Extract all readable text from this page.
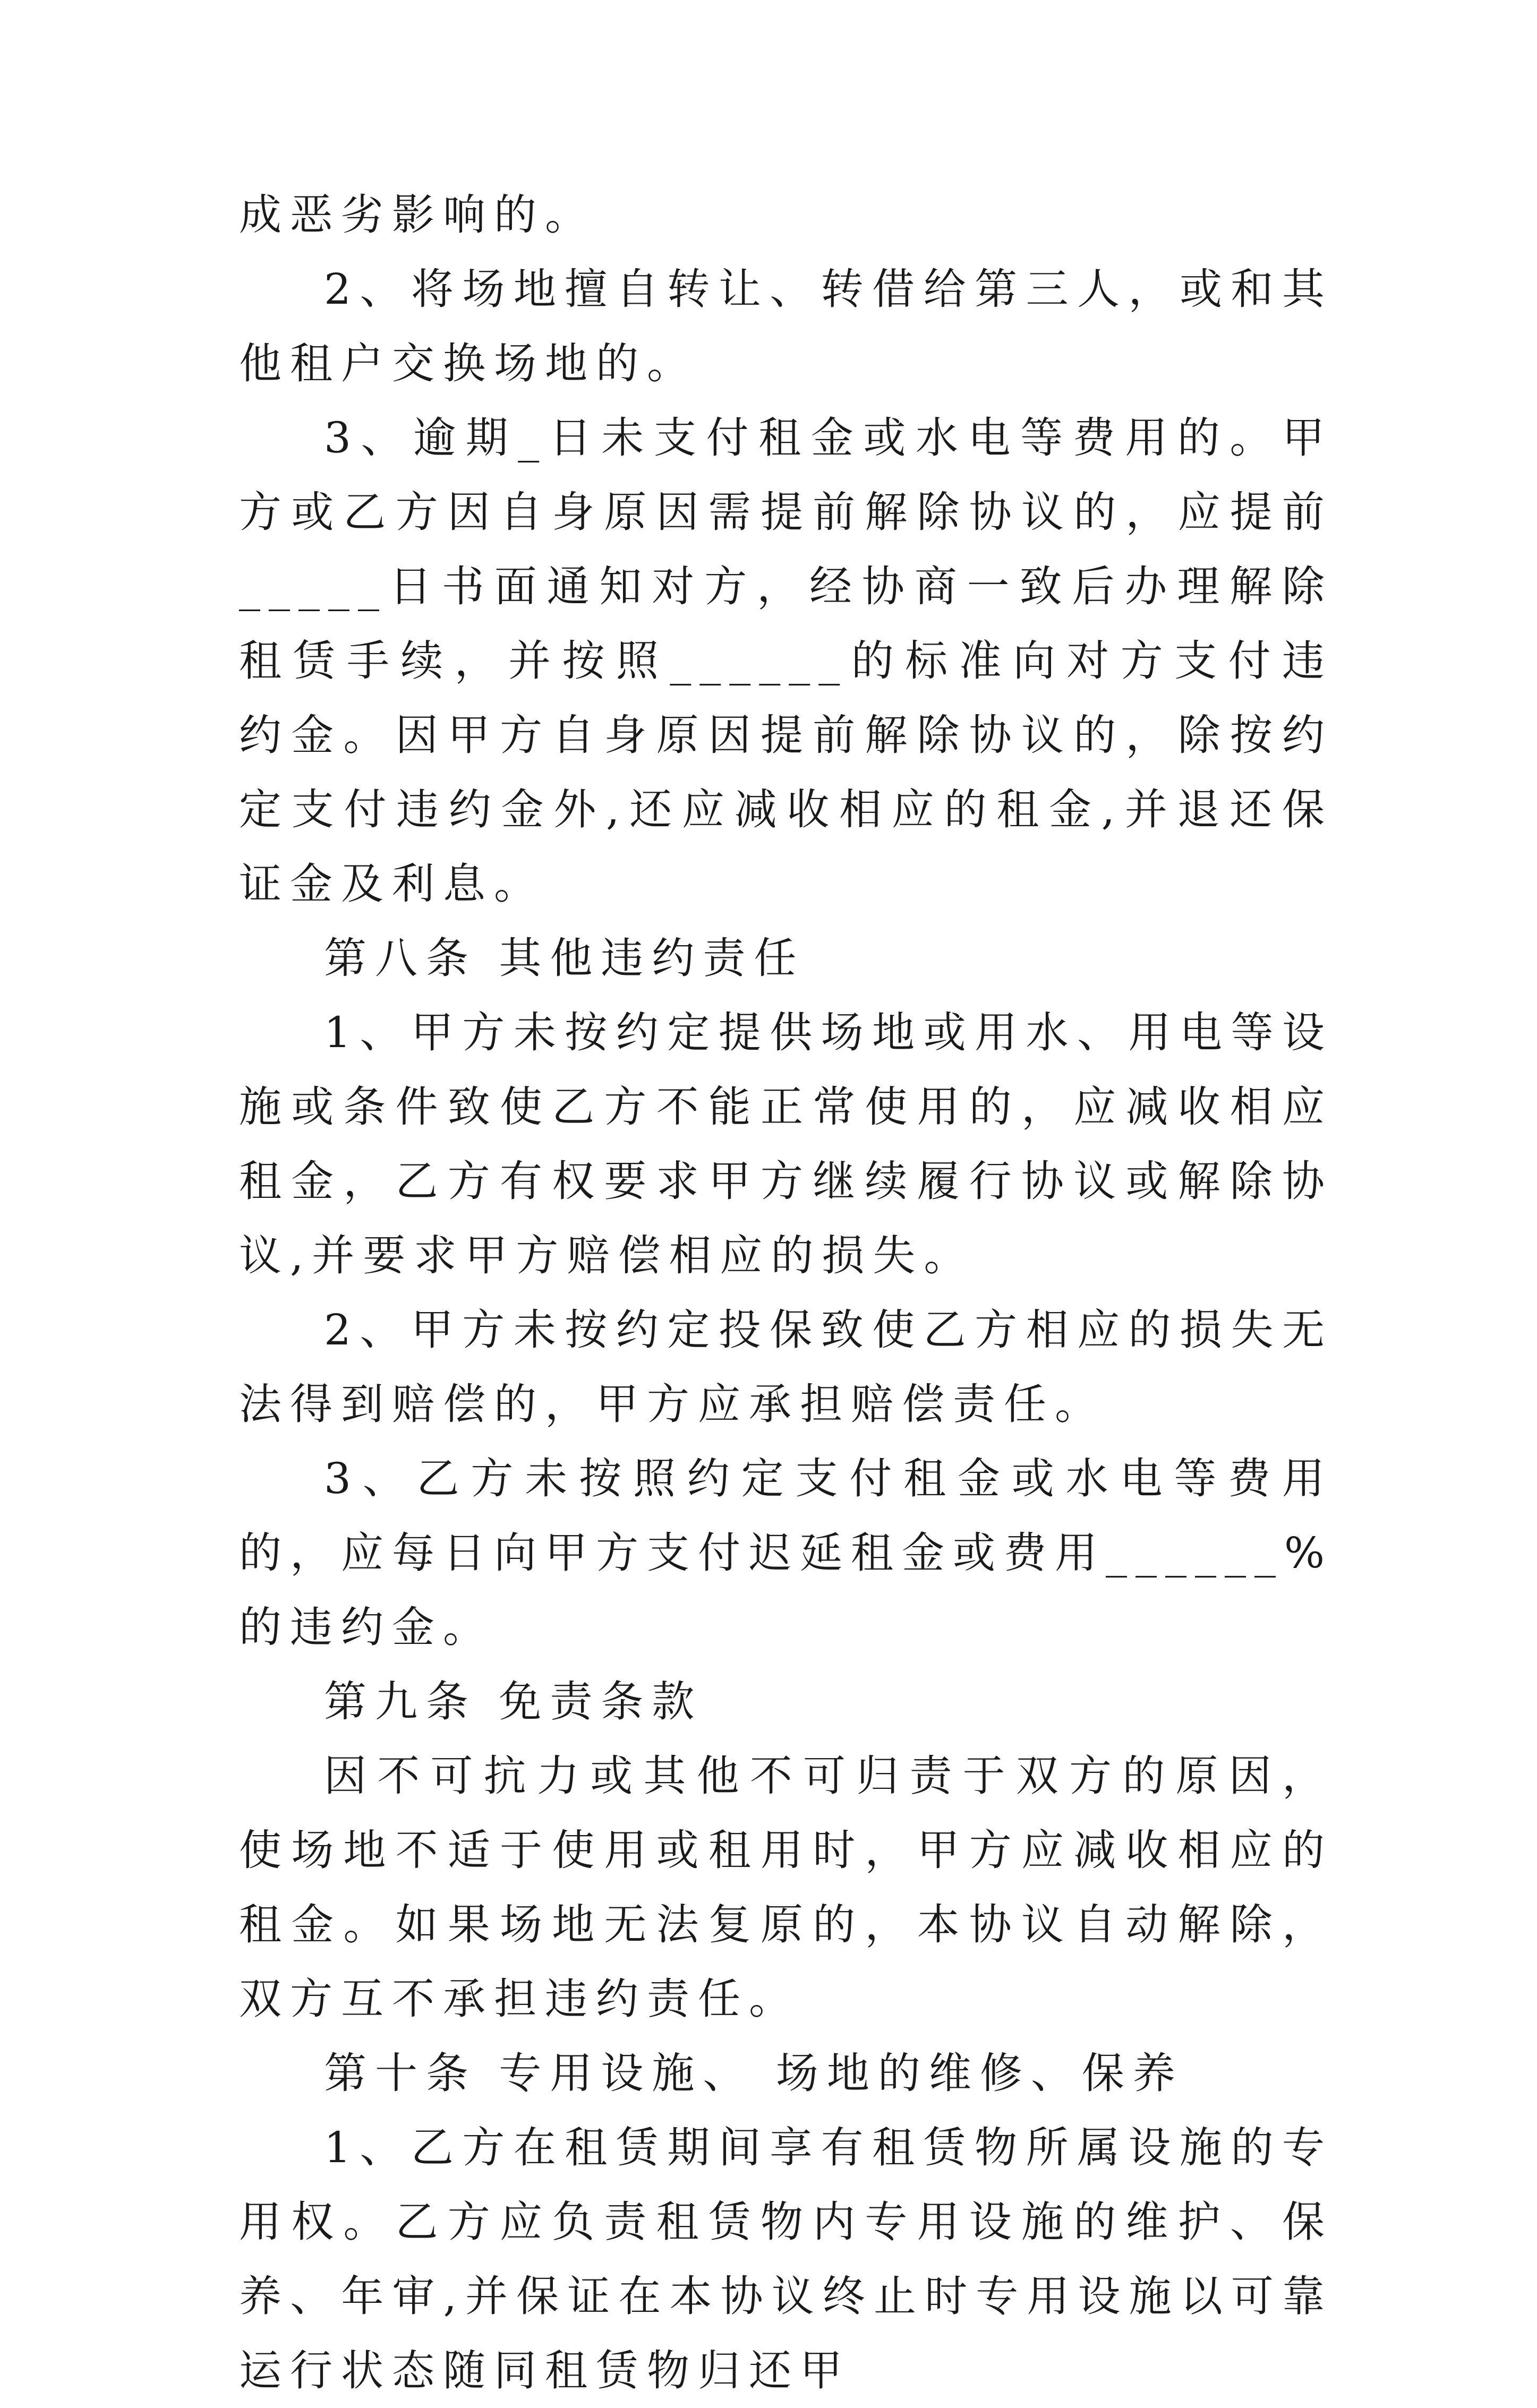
成恶劣影响的。

2、将场地擅自转让、转借给第三人，或和其他租户交换场地的。

3、逾期_日未支付租金或水电等费用的。甲方或乙方因自身原因需提前解除协议的，应提前_____日书面通知对方，经协商一致后办理解除租赁手续，并按照______的标准向对方支付违约金。因甲方自身原因提前解除协议的，除按约定支付违约金外,还应减收相应的租金,并退还保证金及利息。

第八条 其他违约责任

1、甲方未按约定提供场地或用水、用电等设施或条件致使乙方不能正常使用的，应减收相应租金，乙方有权要求甲方继续履行协议或解除协议,并要求甲方赔偿相应的损失。

2、甲方未按约定投保致使乙方相应的损失无法得到赔偿的，甲方应承担赔偿责任。

3、乙方未按照约定支付租金或水电等费用的，应每日向甲方支付迟延租金或费用______%的违约金。

第九条 免责条款

因不可抗力或其他不可归责于双方的原因，使场地不适于使用或租用时，甲方应减收相应的租金。如果场地无法复原的，本协议自动解除，双方互不承担违约责任。

第十条 专用设施、 场地的维修、保养

1、乙方在租赁期间享有租赁物所属设施的专用权。乙方应负责租赁物内专用设施的维护、保养、年审,并保证在本协议终止时专用设施以可靠运行状态随同租赁物归还甲
